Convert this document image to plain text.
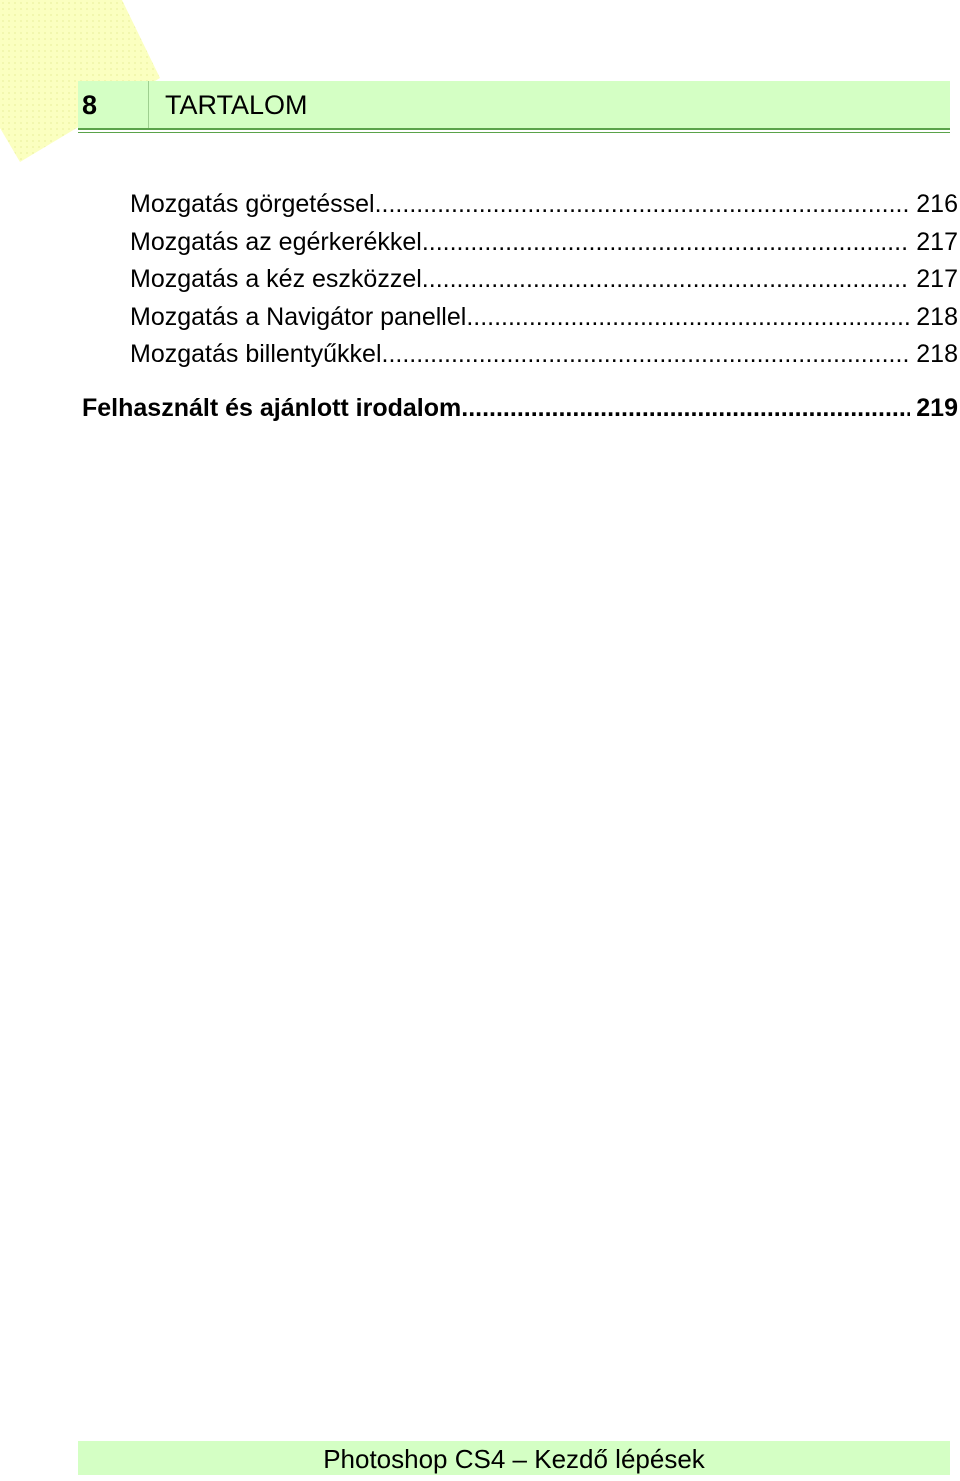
8	TARTALOM
Mozgatás görgetéssel .....	216
Mozgatás az egérkerékkel .....	217
Mozgatás a kéz eszközzel .....	217
Mozgatás a Navigátor panellel .....	218
Mozgatás billentyűkkel .....	218
Felhasznált és ajánlott irodalom .....	219
Photoshop CS4 – Kezdő lépések
